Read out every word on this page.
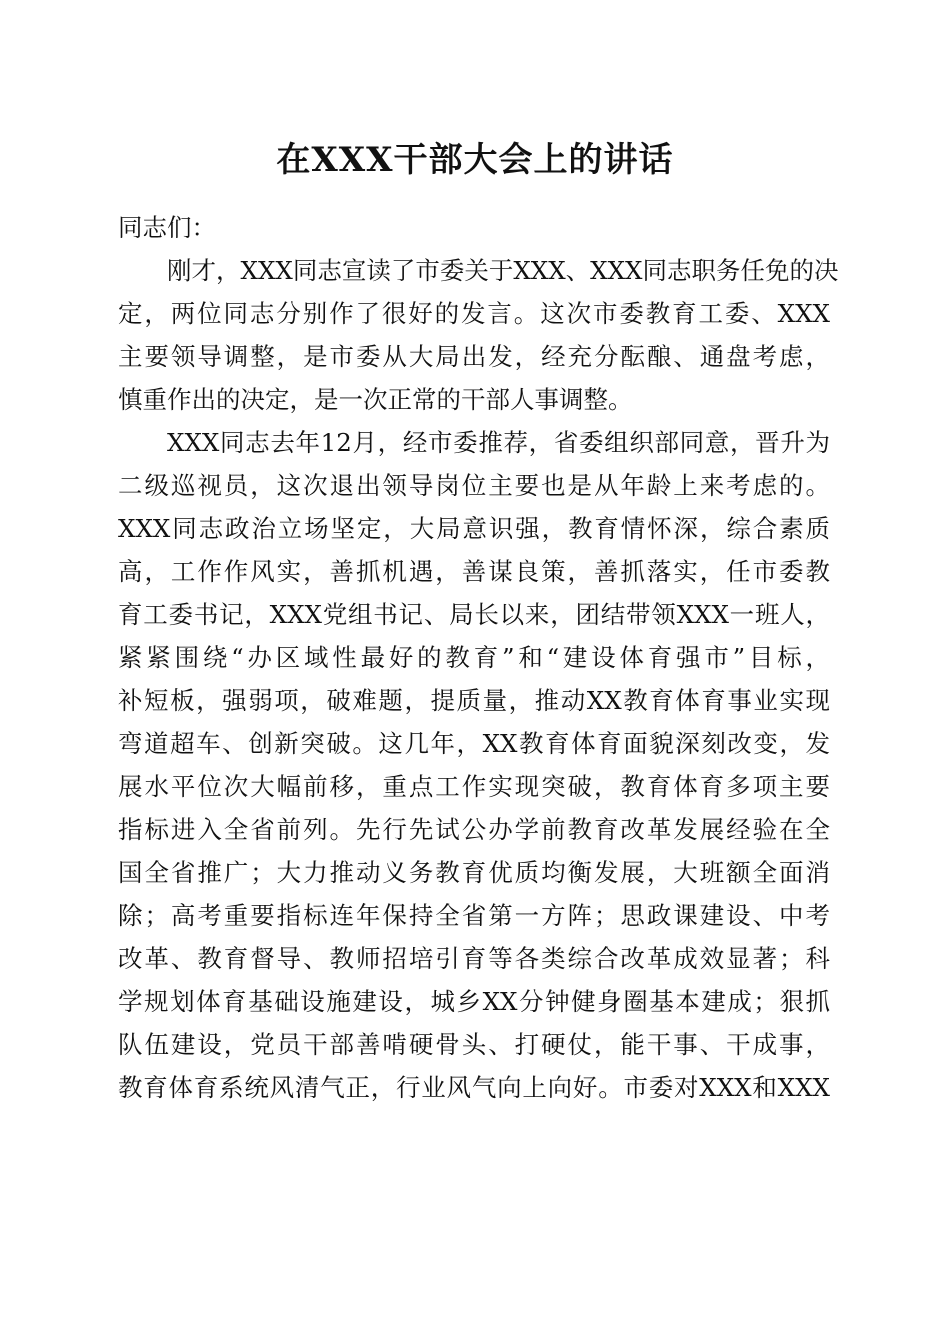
在XXX干部大会上的讲话
同志们：
刚才，XXX同志宣读了市委关于XXX、XXX同志职务任免的决
定，两位同志分别作了很好的发言。这次市委教育工委、XXX
主要领导调整，是市委从大局出发，经充分酝酿、通盘考虑，
慎重作出的决定，是一次正常的干部人事调整。
XXX同志去年12月，经市委推荐，省委组织部同意，晋升为
二级巡视员，这次退出领导岗位主要也是从年龄上来考虑的。
XXX同志政治立场坚定，大局意识强，教育情怀深，综合素质
高，工作作风实，善抓机遇，善谋良策，善抓落实，任市委教
育工委书记，XXX党组书记、局长以来，团结带领XXX一班人，
紧紧围绕“办区域性最好的教育”和“建设体育强市”目标，
补短板，强弱项，破难题，提质量，推动XX教育体育事业实现
弯道超车、创新突破。这几年，XX教育体育面貌深刻改变，发
展水平位次大幅前移，重点工作实现突破，教育体育多项主要
指标进入全省前列。先行先试公办学前教育改革发展经验在全
国全省推广；大力推动义务教育优质均衡发展，大班额全面消
除；高考重要指标连年保持全省第一方阵；思政课建设、中考
改革、教育督导、教师招培引育等各类综合改革成效显著；科
学规划体育基础设施建设，城乡XX分钟健身圈基本建成；狠抓
队伍建设，党员干部善啃硬骨头、打硬仗，能干事、干成事，
教育体育系统风清气正，行业风气向上向好。市委对XXX和XXX
